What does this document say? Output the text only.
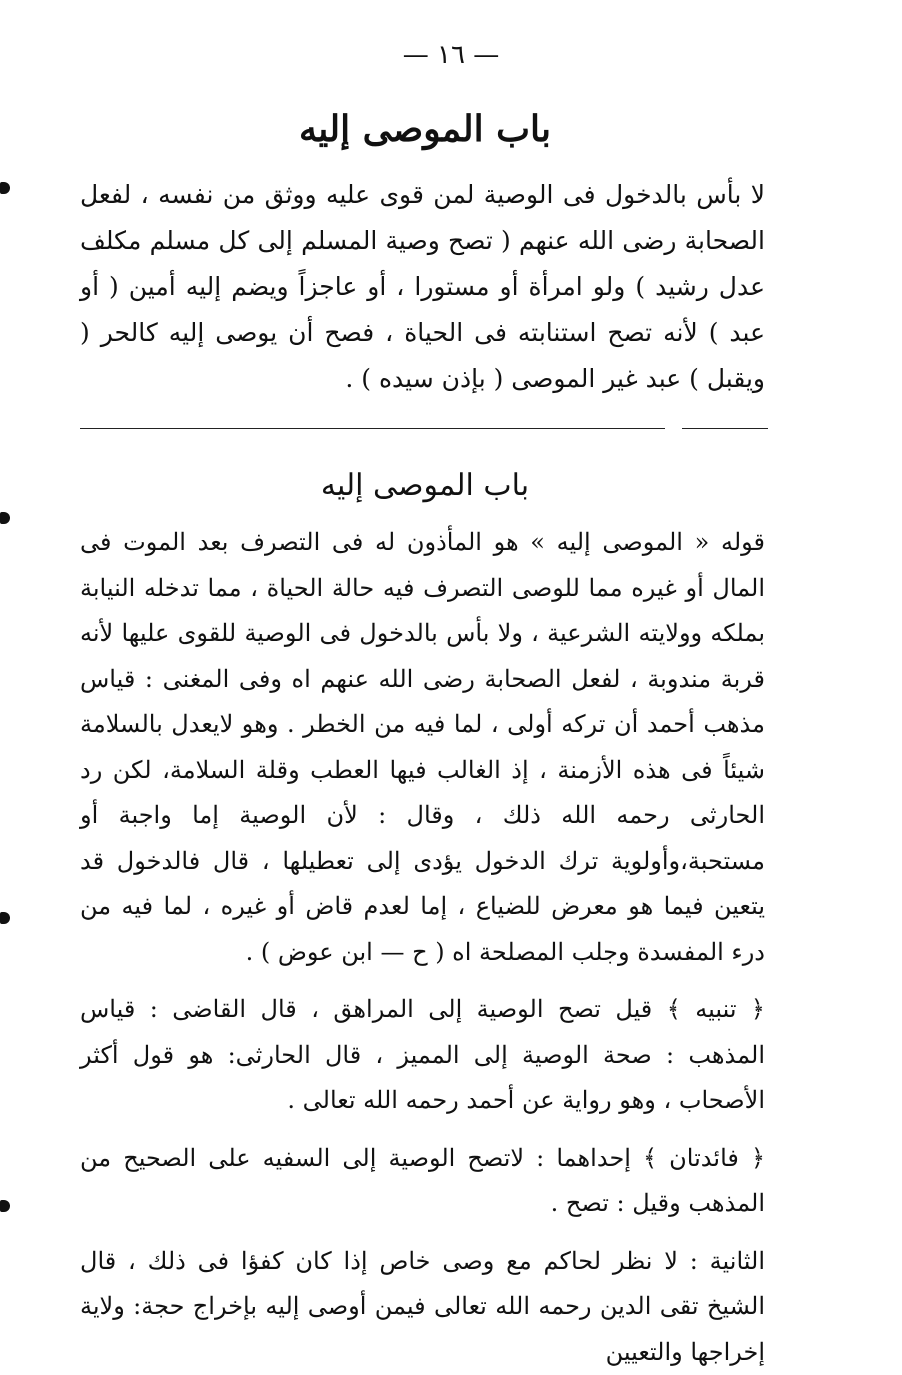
— ١٦ —
باب الموصى إليه

لا بأس بالدخول فى الوصية لمن قوى عليه ووثق من نفسه ، لفعل الصحابة رضى الله عنهم ( تصح وصية المسلم إلى كل مسلم مكلف عدل رشيد ) ولو امرأة أو مستورا ، أو عاجزاً ويضم إليه أمين ( أو عبد ) لأنه تصح استنابته فى الحياة ، فصح أن يوصى إليه كالحر ( ويقبل ) عبد غير الموصى ( بإذن سيده ) .

باب الموصى إليه

قوله « الموصى إليه » هو المأذون له فى التصرف بعد الموت فى المال أو غيره مما للوصى التصرف فيه حالة الحياة ، مما تدخله النيابة بملكه وولايته الشرعية ، ولا بأس بالدخول فى الوصية للقوى عليها لأنه قربة مندوبة ، لفعل الصحابة رضى الله عنهم اه وفى المغنى : قياس مذهب أحمد أن تركه أولى ، لما فيه من الخطر . وهو لايعدل بالسلامة شيئاً فى هذه الأزمنة ، إذ الغالب فيها العطب وقلة السلامة، لكن رد الحارثى رحمه الله ذلك ، وقال : لأن الوصية إما واجبة أو مستحبة،وأولوية ترك الدخول يؤدى إلى تعطيلها ، قال فالدخول قد يتعين فيما هو معرض للضياع ، إما لعدم قاض أو غيره ، لما فيه من درء المفسدة وجلب المصلحة اه ( ح — ابن عوض ) .

﴿ تنبيه ﴾ قيل تصح الوصية إلى المراهق ، قال القاضى : قياس المذهب : صحة الوصية إلى المميز ، قال الحارثى: هو قول أكثر الأصحاب ، وهو رواية عن أحمد رحمه الله تعالى .

﴿ فائدتان ﴾ إحداهما : لاتصح الوصية إلى السفيه على الصحيح من المذهب وقيل : تصح .

الثانية : لا نظر لحاكم مع وصى خاص إذا كان كفؤا فى ذلك ، قال الشيخ تقى الدين رحمه الله تعالى فيمن أوصى إليه بإخراج حجة: ولاية إخراجها والتعيين
